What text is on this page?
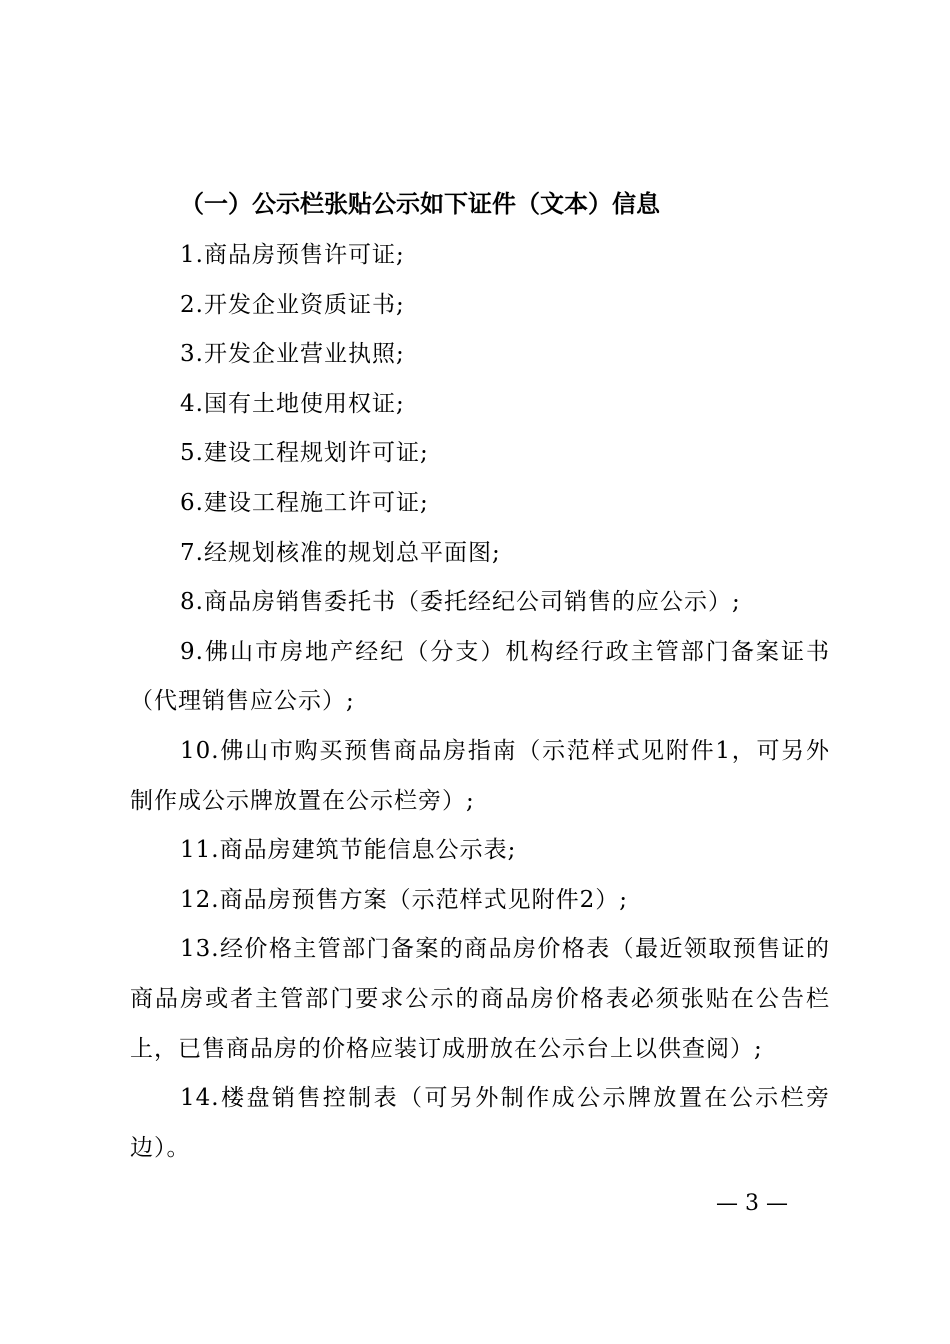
（一）公示栏张贴公示如下证件（文本）信息

1.商品房预售许可证;

2.开发企业资质证书;

3.开发企业营业执照;

4.国有土地使用权证;

5.建设工程规划许可证;

6.建设工程施工许可证;

7.经规划核准的规划总平面图;

8.商品房销售委托书（委托经纪公司销售的应公示）;

9.佛山市房地产经纪（分支）机构经行政主管部门备案证书（代理销售应公示）;

10.佛山市购买预售商品房指南（示范样式见附件1，可另外制作成公示牌放置在公示栏旁）;

11.商品房建筑节能信息公示表;

12.商品房预售方案（示范样式见附件2）;

13.经价格主管部门备案的商品房价格表（最近领取预售证的商品房或者主管部门要求公示的商品房价格表必须张贴在公告栏上，已售商品房的价格应装订成册放在公示台上以供查阅）;

14.楼盘销售控制表（可另外制作成公示牌放置在公示栏旁边）。

— 3 —
